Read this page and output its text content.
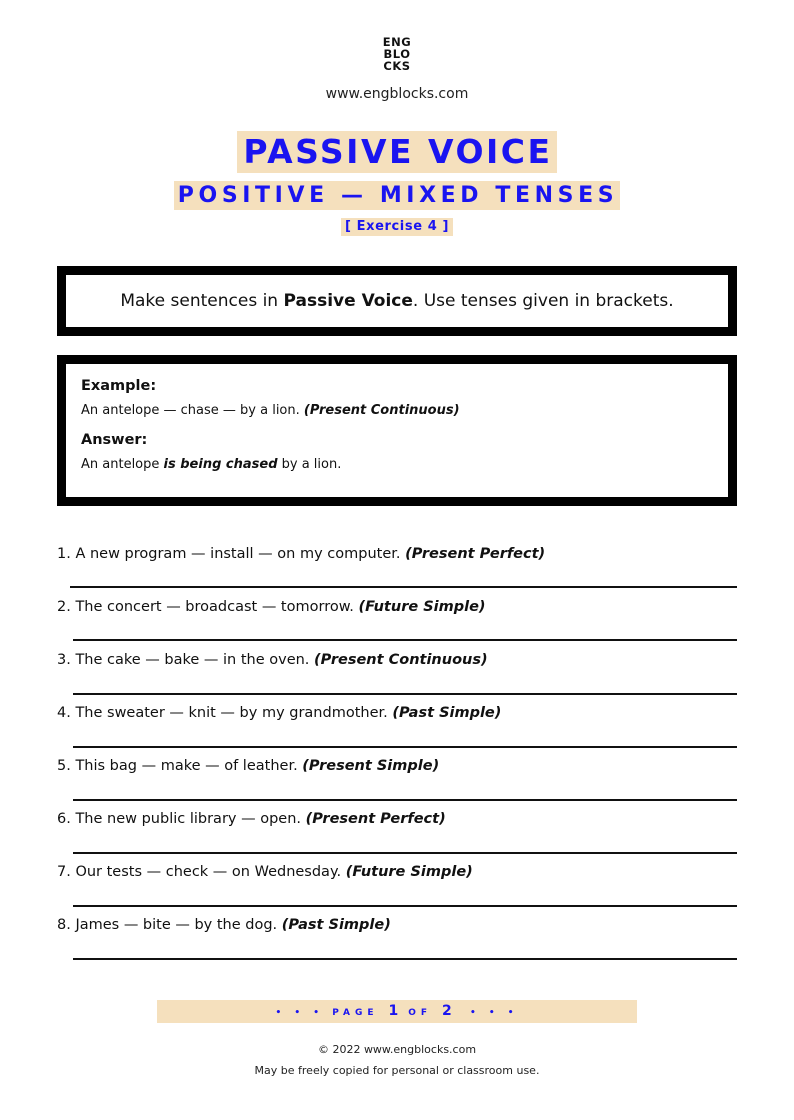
ENG
BLO
CKS
www.engblocks.com
PASSIVE VOICE
POSITIVE — MIXED TENSES
[ Exercise 4 ]
Make sentences in Passive Voice. Use tenses given in brackets.
Example:
An antelope — chase — by a lion. (Present Continuous)
Answer:
An antelope is being chased by a lion.
1. A new program — install — on my computer. (Present Perfect)
2. The concert — broadcast — tomorrow. (Future Simple)
3. The cake — bake — in the oven. (Present Continuous)
4. The sweater — knit — by my grandmother. (Past Simple)
5. This bag — make — of leather. (Present Simple)
6. The new public library — open. (Present Perfect)
7. Our tests — check — on Wednesday. (Future Simple)
8. James — bite — by the dog. (Past Simple)
• • • PAGE 1 OF 2 • • •
© 2022 www.engblocks.com
May be freely copied for personal or classroom use.
